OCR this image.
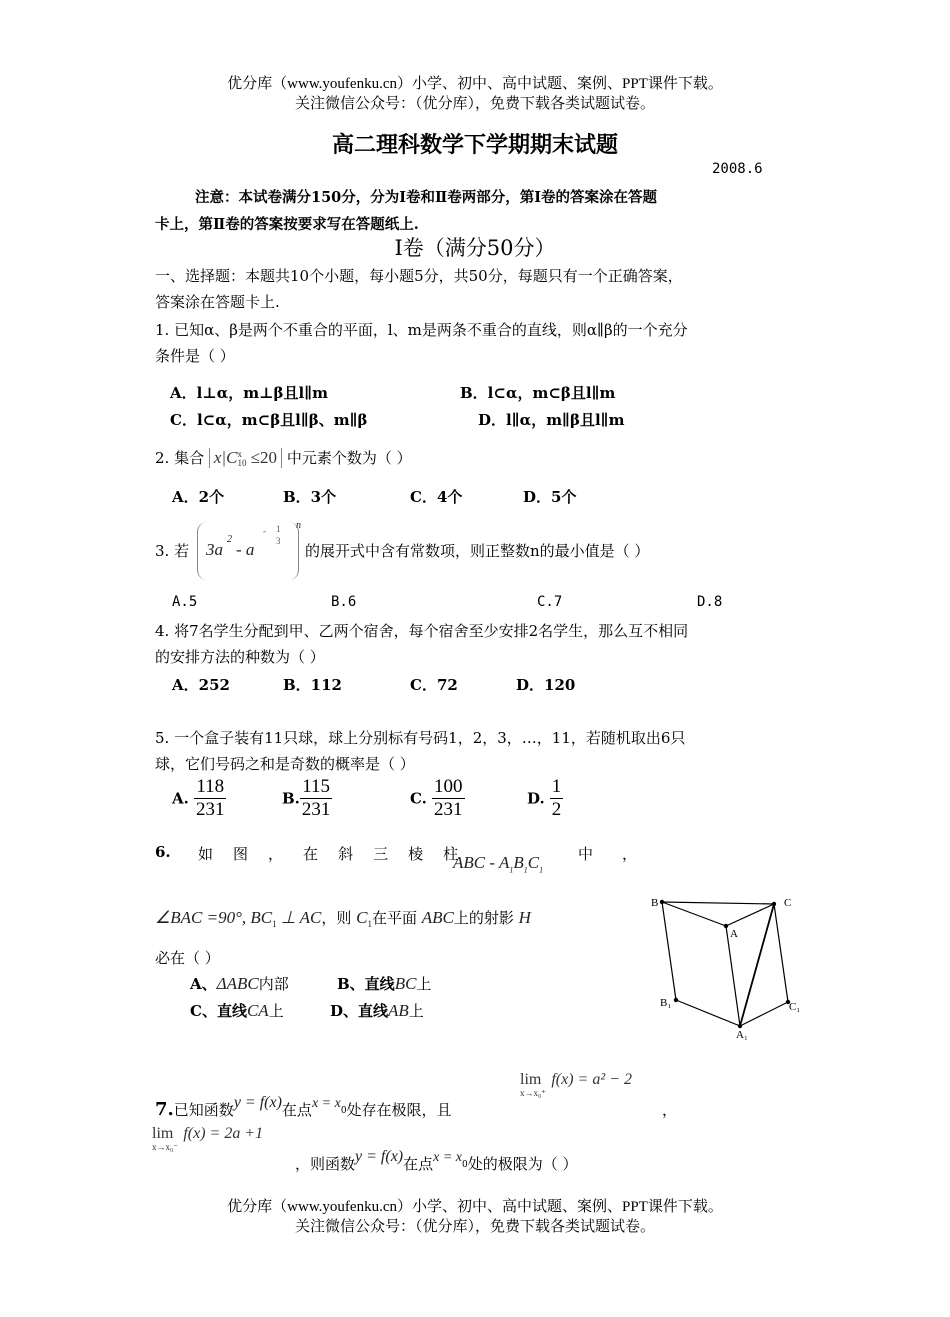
优分库（www.youfenku.cn）小学、初中、高中试题、案例、PPT课件下载。
关注微信公众号：（优分库），免费下载各类试题试卷。
高二理科数学下学期期末试题
2008.6
注意：本试卷满分150分，分为Ⅰ卷和Ⅱ卷两部分，第Ⅰ卷的答案涂在答题
卡上，第Ⅱ卷的答案按要求写在答题纸上.
Ⅰ卷（满分50分）
一、选择题：本题共10个小题，每小题5分，共50分，每题只有一个正确答案，
答案涂在答题卡上.
1. 已知α、β是两个不重合的平面，l、m是两条不重合的直线，则α∥β的一个充分
条件是（ ）
A．l⊥α，m⊥β且l∥m	B．l⊂α，m⊂β且l∥m
C．l⊂α，m⊂β且l∥β、m∥β	D．l∥α，m∥β且l∥m
2. 集合 x|C x
10 ≤20 中元素个数为（ ）
A．2个	B．3个	C．4个	D．5个
3. 若 3a
2
- a
- 1
3
n
的展开式中含有常数项，则正整数n的最小值是（ ）
A.5	B.6	C.7	D.8
4. 将7名学生分配到甲、乙两个宿舍，每个宿舍至少安排2名学生，那么互不相同
的安排方法的种数为（ ）
A．252	B．112	C．72	D．120
5. 一个盒子装有11只球，球上分别标有号码1，2，3，…，11，若随机取出6只
球，它们号码之和是奇数的概率是（ ）
A. $\frac{118}{231}$	B. $\frac{115}{231}$	C. $\frac{100}{231}$	D. $\frac{1}{2}$
6. 如 图 ， 在 斜 三 棱 柱
ABC - $A_1B_1C_1$
中 ，
∠BAC =90°, $BC_1$ ⊥ AC，则 $C_1$在平面 ABC上的射影 H
必在（ ）
A、ΔABC内部	B、直线BC上
C、直线CA上	D、直线AB上
B	C
A
B₁	C₁
A₁
lim
x→x₀⁺
f(x) = a² − 2
7.已知函数y = f(x)在点$x = x_0$处存在极限，且	，
lim
x→x₀⁻
f(x) = 2a +1
，则函数y = f(x)在点$x = x_0$处的极限为（ ）
优分库（www.youfenku.cn）小学、初中、高中试题、案例、PPT课件下载。
关注微信公众号：（优分库），免费下载各类试题试卷。
